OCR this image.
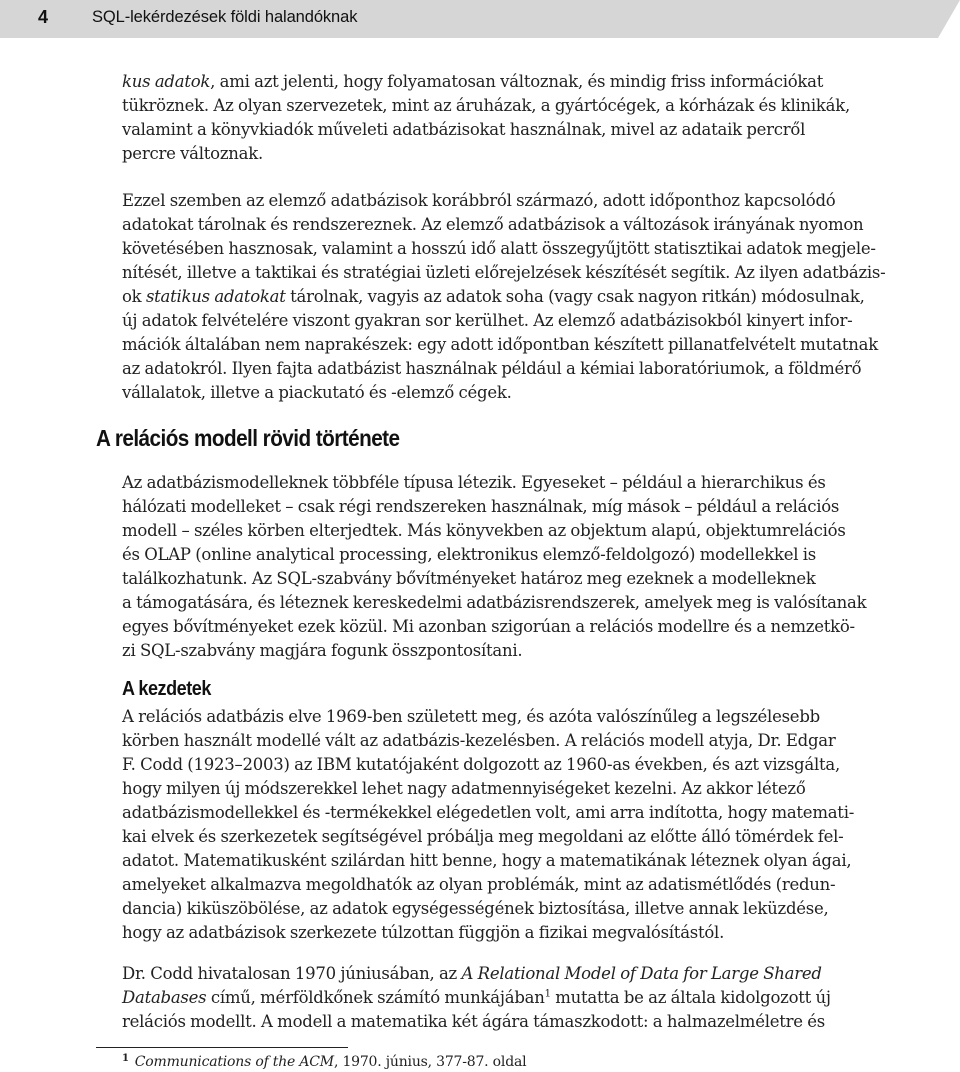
4	SQL-lekérdezések földi halandóknak

kus adatok, ami azt jelenti, hogy folyamatosan változnak, és mindig friss információkat
tükröznek. Az olyan szervezetek, mint az áruházak, a gyártócégek, a kórházak és klinikák,
valamint a könyvkiadók műveleti adatbázisokat használnak, mivel az adataik percről
percre változnak.

Ezzel szemben az elemző adatbázisok korábbról származó, adott időponthoz kapcsolódó
adatokat tárolnak és rendszereznek. Az elemző adatbázisok a változások irányának nyomon
követésében hasznosak, valamint a hosszú idő alatt összegyűjtött statisztikai adatok megjele-
nítését, illetve a taktikai és stratégiai üzleti előrejelzések készítését segítik. Az ilyen adatbázis-
ok statikus adatokat tárolnak, vagyis az adatok soha (vagy csak nagyon ritkán) módosulnak,
új adatok felvételére viszont gyakran sor kerülhet. Az elemző adatbázisokból kinyert infor-
mációk általában nem naprakészek: egy adott időpontban készített pillanatfelvételt mutatnak
az adatokról. Ilyen fajta adatbázist használnak például a kémiai laboratóriumok, a földmérő
vállalatok, illetve a piackutató és -elemző cégek.

A relációs modell rövid története

Az adatbázismodelleknek többféle típusa létezik. Egyeseket – például a hierarchikus és
hálózati modelleket – csak régi rendszereken használnak, míg mások – például a relációs
modell – széles körben elterjedtek. Más könyvekben az objektum alapú, objektumrelációs
és OLAP (online analytical processing, elektronikus elemző-feldolgozó) modellekkel is
találkozhatunk. Az SQL-szabvány bővítményeket határoz meg ezeknek a modelleknek
a támogatására, és léteznek kereskedelmi adatbázisrendszerek, amelyek meg is valósítanak
egyes bővítményeket ezek közül. Mi azonban szigorúan a relációs modellre és a nemzetkö-
zi SQL-szabvány magjára fogunk összpontosítani.

A kezdetek

A relációs adatbázis elve 1969-ben született meg, és azóta valószínűleg a legszélesebb
körben használt modellé vált az adatbázis-kezelésben. A relációs modell atyja, Dr. Edgar
F. Codd (1923–2003) az IBM kutatójaként dolgozott az 1960-as években, és azt vizsgálta,
hogy milyen új módszerekkel lehet nagy adatmennyiségeket kezelni. Az akkor létező
adatbázismodellekkel és -termékekkel elégedetlen volt, ami arra indította, hogy matemati-
kai elvek és szerkezetek segítségével próbálja meg megoldani az előtte álló tömérdek fel-
adatot. Matematikusként szilárdan hitt benne, hogy a matematikának léteznek olyan ágai,
amelyeket alkalmazva megoldhatók az olyan problémák, mint az adatismétlődés (redun-
dancia) kiküszöbölése, az adatok egységességének biztosítása, illetve annak leküzdése,
hogy az adatbázisok szerkezete túlzottan függjön a fizikai megvalósítástól.

Dr. Codd hivatalosan 1970 júniusában, az A Relational Model of Data for Large Shared
Databases című, mérföldkőnek számító munkájában$^1$ mutatta be az általa kidolgozott új
relációs modellt. A modell a matematika két ágára támaszkodott: a halmazelméletre és

$^1$ Communications of the ACM, 1970. június, 377-87. oldal
